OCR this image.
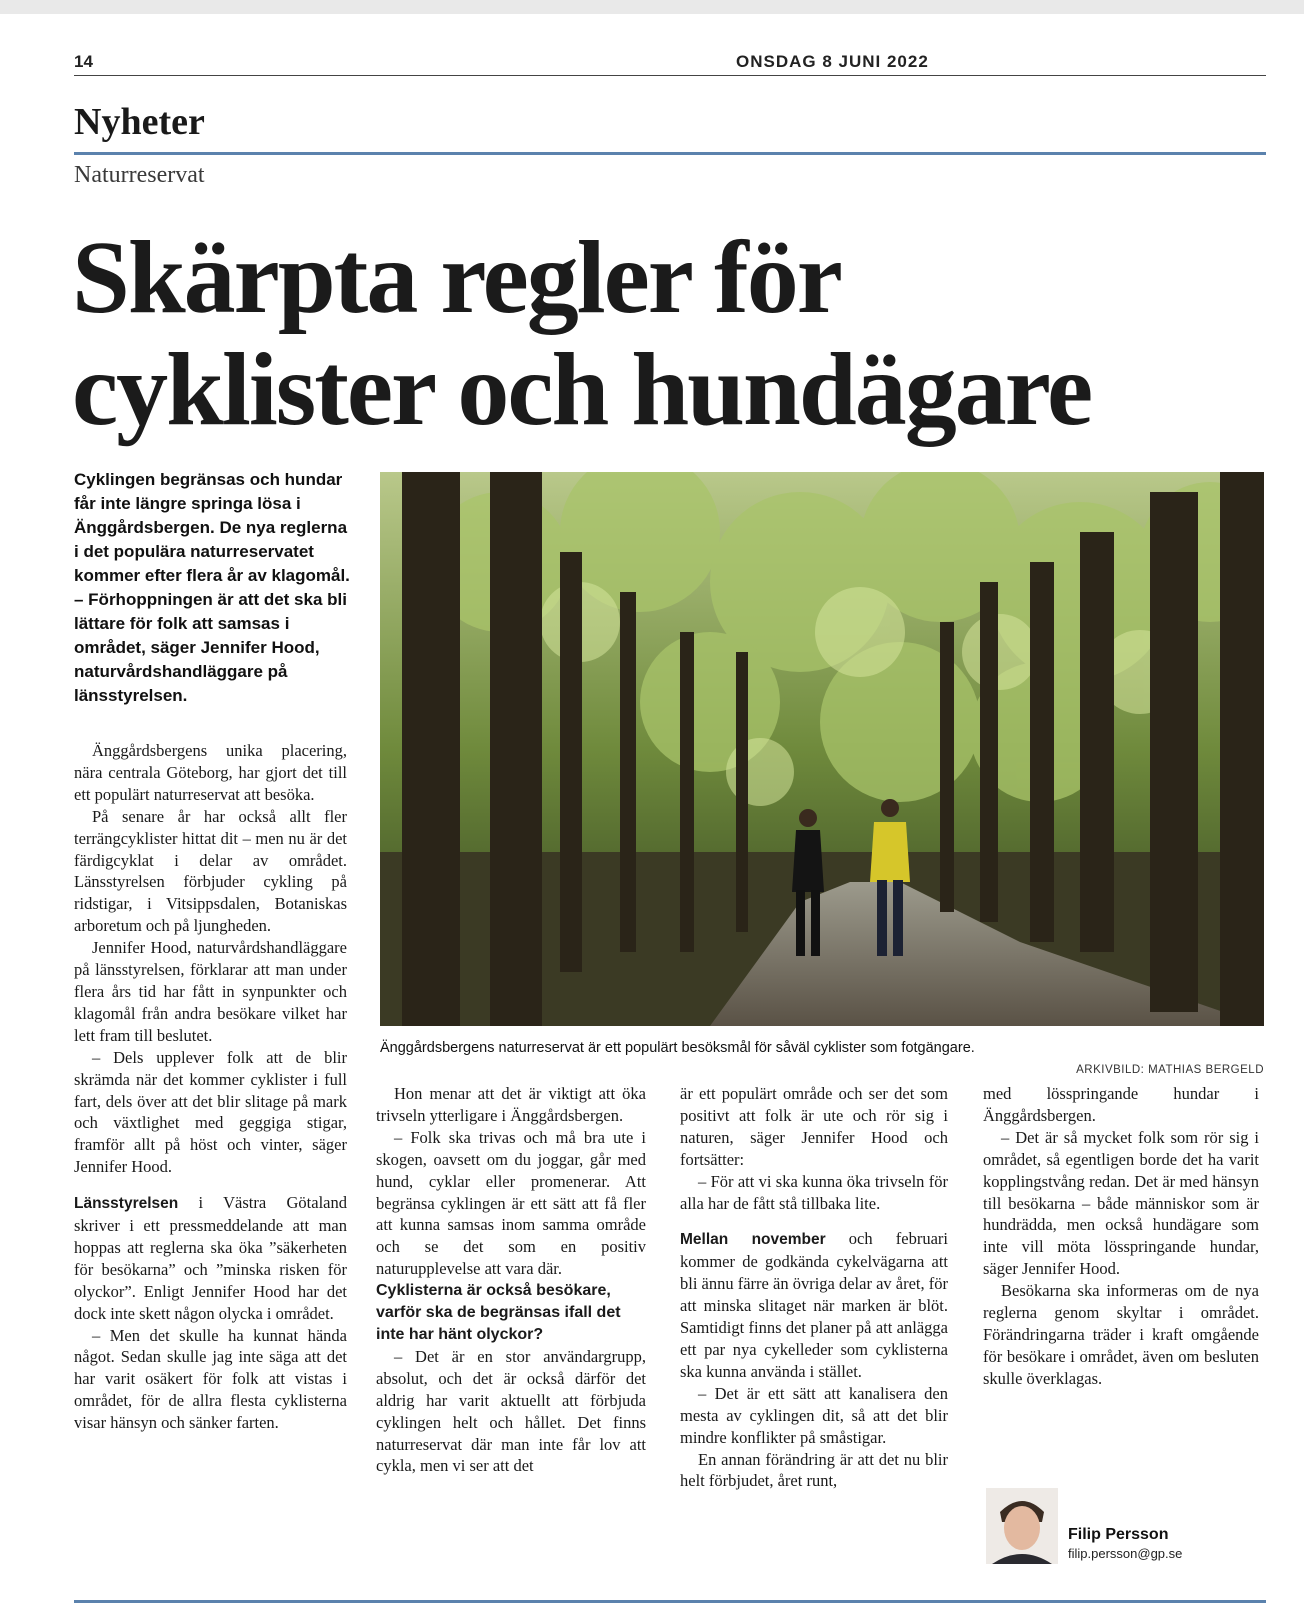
14	ONSDAG 8 JUNI 2022
Nyheter
Naturreservat
Skärpta regler för
cyklister och hundägare

Cyklingen begränsas och hundar får inte längre springa lösa i Änggårdsbergen. De nya reglerna i det populära naturreservatet kommer efter flera år av klagomål.

– Förhoppningen är att det ska bli lättare för folk att samsas i området, säger Jennifer Hood, naturvårdshandläggare på länsstyrelsen.

Änggårdsbergens naturreservat är ett populärt besöksmål för såväl cyklister som fotgängare.
ARKIVBILD: MATHIAS BERGELD

Änggårdsbergens unika placering, nära centrala Göteborg, har gjort det till ett populärt naturreservat att besöka.

På senare år har också allt fler terrängcyklister hittat dit – men nu är det färdigcyklat i delar av området. Länsstyrelsen förbjuder cykling på ridstigar, i Vitsippsdalen, Botaniskas arboretum och på ljungheden.

Jennifer Hood, naturvårdshandläggare på länsstyrelsen, förklarar att man under flera års tid har fått in synpunkter och klagomål från andra besökare vilket har lett fram till beslutet.

– Dels upplever folk att de blir skrämda när det kommer cyklister i full fart, dels över att det blir slitage på mark och växtlighet med geggiga stigar, framför allt på höst och vinter, säger Jennifer Hood.

Länsstyrelsen i Västra Götaland skriver i ett pressmeddelande att man hoppas att reglerna ska öka ”säkerheten för besökarna” och ”minska risken för olyckor”. Enligt Jennifer Hood har det dock inte skett någon olycka i området.

– Men det skulle ha kunnat hända något. Sedan skulle jag inte säga att det har varit osäkert för folk att vistas i området, för de allra flesta cyklisterna visar hänsyn och sänker farten.

Hon menar att det är viktigt att öka trivseln ytterligare i Änggårdsbergen.

– Folk ska trivas och må bra ute i skogen, oavsett om du joggar, går med hund, cyklar eller promenerar. Att begränsa cyklingen är ett sätt att få fler att kunna samsas inom samma område och se det som en positiv naturupplevelse att vara där.

Cyklisterna är också besökare, varför ska de begränsas ifall det inte har hänt olyckor?

– Det är en stor användargrupp, absolut, och det är också därför det aldrig har varit aktuellt att förbjuda cyklingen helt och hållet. Det finns naturreservat där man inte får lov att cykla, men vi ser att det

är ett populärt område och ser det som positivt att folk är ute och rör sig i naturen, säger Jennifer Hood och fortsätter:

– För att vi ska kunna öka trivseln för alla har de fått stå tillbaka lite.

Mellan november och februari kommer de godkända cykelvägarna att bli ännu färre än övriga delar av året, för att minska slitaget när marken är blöt. Samtidigt finns det planer på att anlägga ett par nya cykelleder som cyklisterna ska kunna använda i stället.

– Det är ett sätt att kanalisera den mesta av cyklingen dit, så att det blir mindre konflikter på småstigar.

En annan förändring är att det nu blir helt förbjudet, året runt,

med lösspringande hundar i Änggårdsbergen.

– Det är så mycket folk som rör sig i området, så egentligen borde det ha varit kopplingstvång redan. Det är med hänsyn till besökarna – både människor som är hundrädda, men också hundägare som inte vill möta lösspringande hundar, säger Jennifer Hood.

Besökarna ska informeras om de nya reglerna genom skyltar i området. Förändringarna träder i kraft omgående för besökare i området, även om besluten skulle överklagas.

Filip Persson
filip.persson@gp.se
